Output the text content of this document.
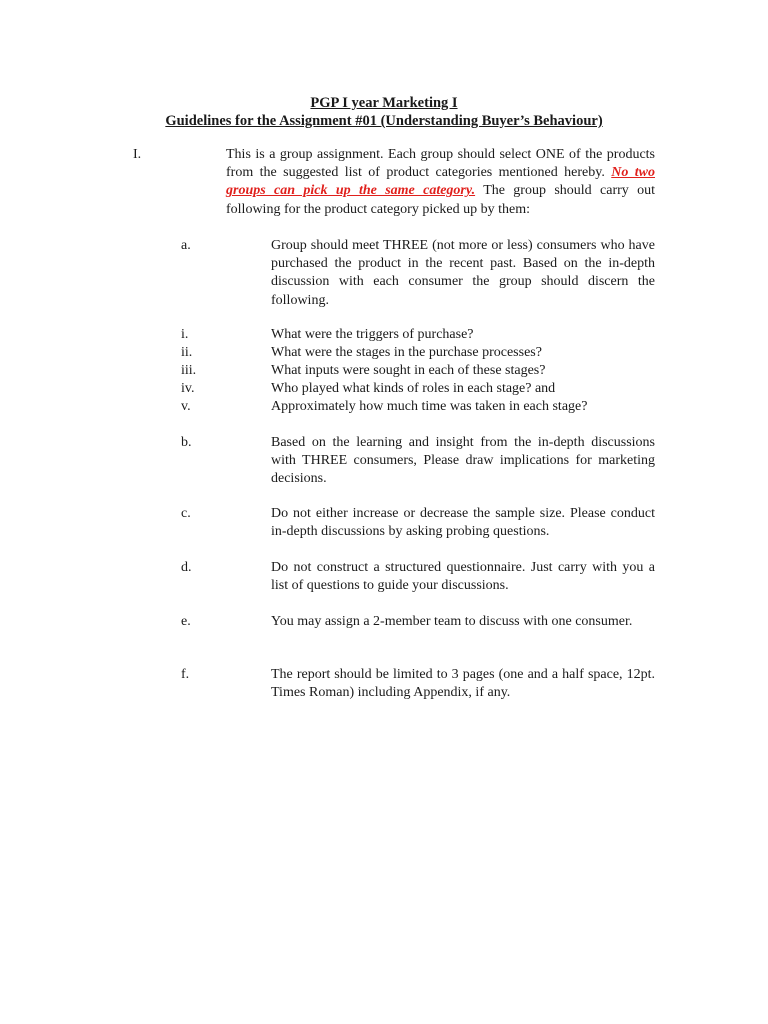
PGP I year Marketing I
Guidelines for the Assignment #01 (Understanding Buyer’s Behaviour)
I.	This is a group assignment. Each group should select ONE of the products from the suggested list of product categories mentioned hereby. No two groups can pick up the same category. The group should carry out following for the product category picked up by them:
a.	Group should meet THREE (not more or less) consumers who have purchased the product in the recent past. Based on the in-depth discussion with each consumer the group should discern the following.
i.	What were the triggers of purchase?
ii.	What were the stages in the purchase processes?
iii.	What inputs were sought in each of these stages?
iv.	Who played what kinds of roles in each stage? and
v.	Approximately how much time was taken in each stage?
b.	Based on the learning and insight from the in-depth discussions with THREE consumers, Please draw implications for marketing decisions.
c.	Do not either increase or decrease the sample size. Please conduct in-depth discussions by asking probing questions.
d.	Do not construct a structured questionnaire. Just carry with you a list of questions to guide your discussions.
e.	You may assign a 2-member team to discuss with one consumer.
f.	The report should be limited to 3 pages (one and a half space, 12pt. Times Roman) including Appendix, if any.
